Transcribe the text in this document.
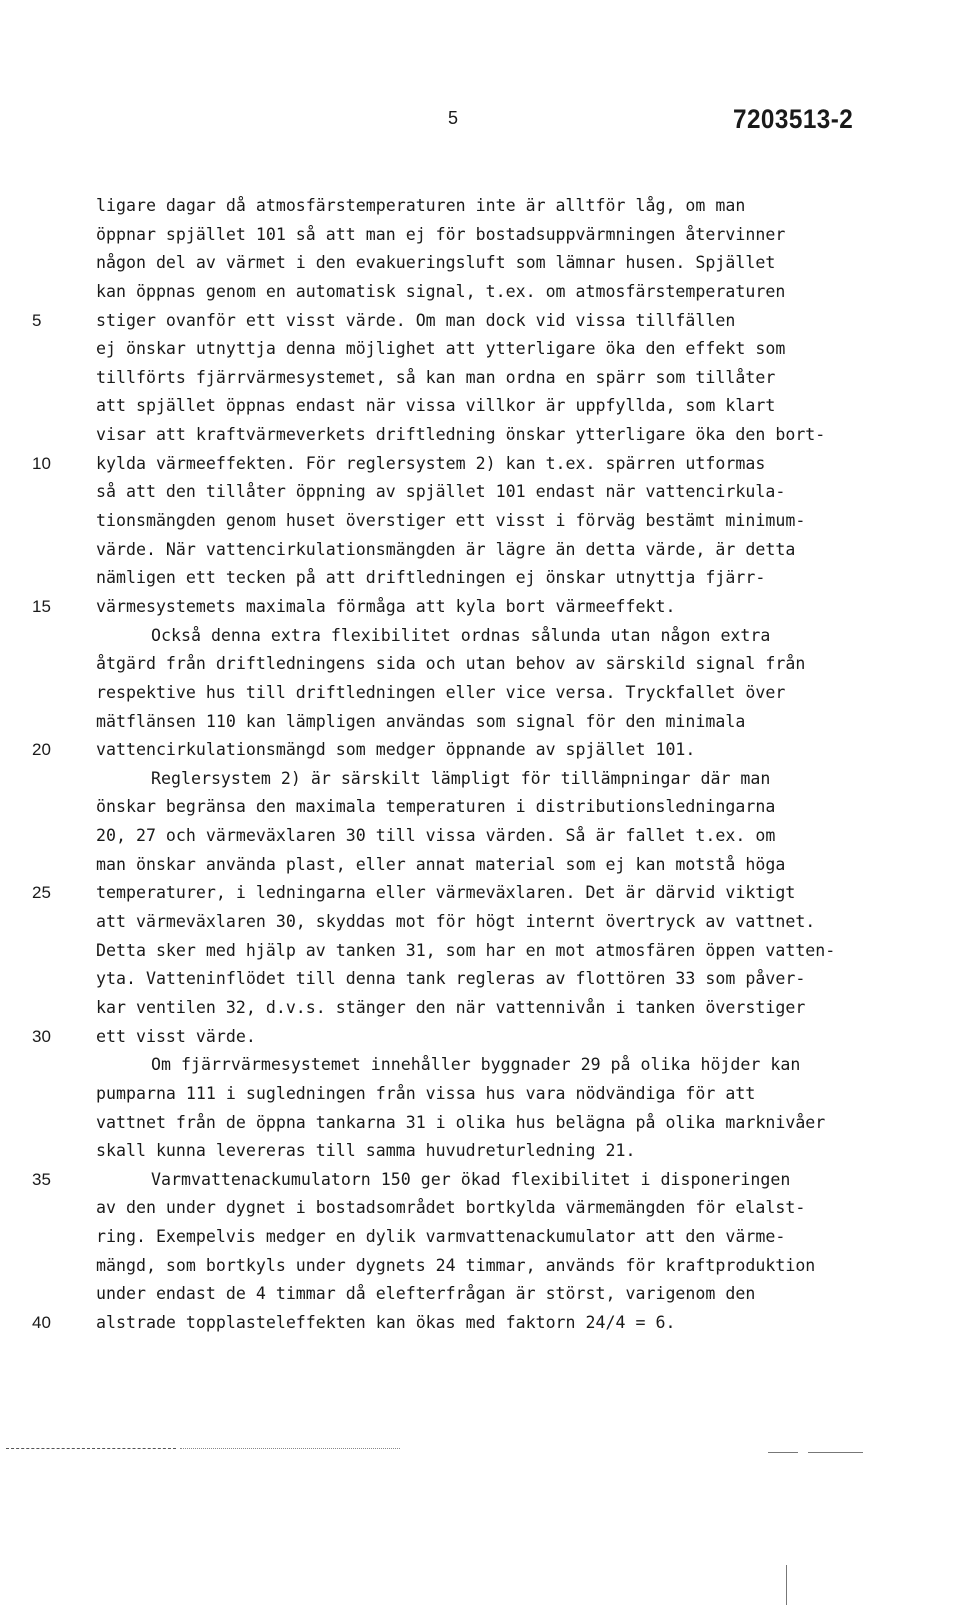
5	7203513-2
ligare dagar då atmosfärstemperaturen inte är alltför låg, om man
öppnar spjället 101 så att man ej för bostadsuppvärmningen återvinner
någon del av värmet i den evakueringsluft som lämnar husen. Spjället
kan öppnas genom en automatisk signal, t.ex. om atmosfärstemperaturen
5	stiger ovanför ett visst värde. Om man dock vid vissa tillfällen
ej önskar utnyttja denna möjlighet att ytterligare öka den effekt som
tillförts fjärrvärmesystemet, så kan man ordna en spärr som tillåter
att spjället öppnas endast när vissa villkor är uppfyllda, som klart
visar att kraftvärmeverkets driftledning önskar ytterligare öka den bort-
10	kylda värmeeffekten. För reglersystem 2) kan t.ex. spärren utformas
så att den tillåter öppning av spjället 101 endast när vattencirkula-
tionsmängden genom huset överstiger ett visst i förväg bestämt minimum-
värde. När vattencirkulationsmängden är lägre än detta värde, är detta
nämligen ett tecken på att driftledningen ej önskar utnyttja fjärr-
15	värmesystemets maximala förmåga att kyla bort värmeeffekt.
Också denna extra flexibilitet ordnas sålunda utan någon extra
åtgärd från driftledningens sida och utan behov av särskild signal från
respektive hus till driftledningen eller vice versa. Tryckfallet över
mätflänsen 110 kan lämpligen användas som signal för den minimala
20	vattencirkulationsmängd som medger öppnande av spjället 101.
Reglersystem 2) är särskilt lämpligt för tillämpningar där man
önskar begränsa den maximala temperaturen i distributionsledningarna
20, 27 och värmeväxlaren 30 till vissa värden. Så är fallet t.ex. om
man önskar använda plast, eller annat material som ej kan motstå höga
25	temperaturer, i ledningarna eller värmeväxlaren. Det är därvid viktigt
att värmeväxlaren 30, skyddas mot för högt internt övertryck av vattnet.
Detta sker med hjälp av tanken 31, som har en mot atmosfären öppen vatten-
yta. Vatteninflödet till denna tank regleras av flottören 33 som påver-
kar ventilen 32, d.v.s. stänger den när vattennivån i tanken överstiger
30	ett visst värde.
Om fjärrvärmesystemet innehåller byggnader 29 på olika höjder kan
pumparna 111 i sugledningen från vissa hus vara nödvändiga för att
vattnet från de öppna tankarna 31 i olika hus belägna på olika marknivåer
skall kunna levereras till samma huvudreturledning 21.
35	Varmvattenackumulatorn 150 ger ökad flexibilitet i disponeringen
av den under dygnet i bostadsområdet bortkylda värmemängden för elalst-
ring. Exempelvis medger en dylik varmvattenackumulator att den värme-
mängd, som bortkyls under dygnets 24 timmar, används för kraftproduktion
under endast de 4 timmar då elefterfrågan är störst, varigenom den
40	alstrade topplasteleffekten kan ökas med faktorn 24/4 = 6.
